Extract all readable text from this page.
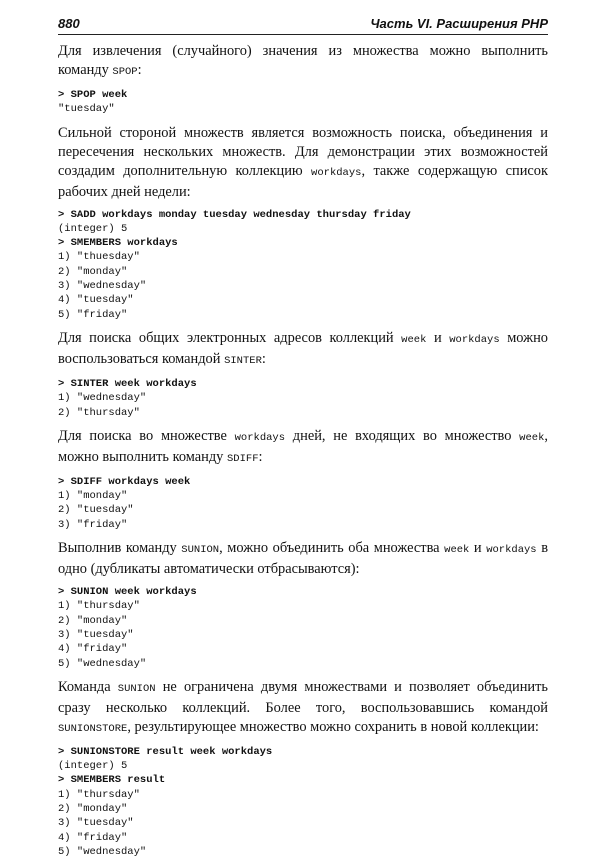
880	Часть VI. Расширения PHP

Для извлечения (случайного) значения из множества можно выполнить команду SPOP:

> SPOP week
"tuesday"

Сильной стороной множеств является возможность поиска, объединения и пересечения нескольких множеств. Для демонстрации этих возможностей создадим дополнительную коллекцию workdays, также содержащую список рабочих дней недели:

> SADD workdays monday tuesday wednesday thursday friday
(integer) 5
> SMEMBERS workdays
1) "thuesday"
2) "monday"
3) "wednesday"
4) "tuesday"
5) "friday"

Для поиска общих электронных адресов коллекций week и workdays можно воспользоваться командой SINTER:

> SINTER week workdays
1) "wednesday"
2) "thursday"

Для поиска во множестве workdays дней, не входящих во множество week, можно выполнить команду SDIFF:

> SDIFF workdays week
1) "monday"
2) "tuesday"
3) "friday"

Выполнив команду SUNION, можно объединить оба множества week и workdays в одно (дубликаты автоматически отбрасываются):

> SUNION week workdays
1) "thursday"
2) "monday"
3) "tuesday"
4) "friday"
5) "wednesday"

Команда SUNION не ограничена двумя множествами и позволяет объединить сразу несколько коллекций. Более того, воспользовавшись командой SUNIONSTORE, результирующее множество можно сохранить в новой коллекции:

> SUNIONSTORE result week workdays
(integer) 5
> SMEMBERS result
1) "thursday"
2) "monday"
3) "tuesday"
4) "friday"
5) "wednesday"
